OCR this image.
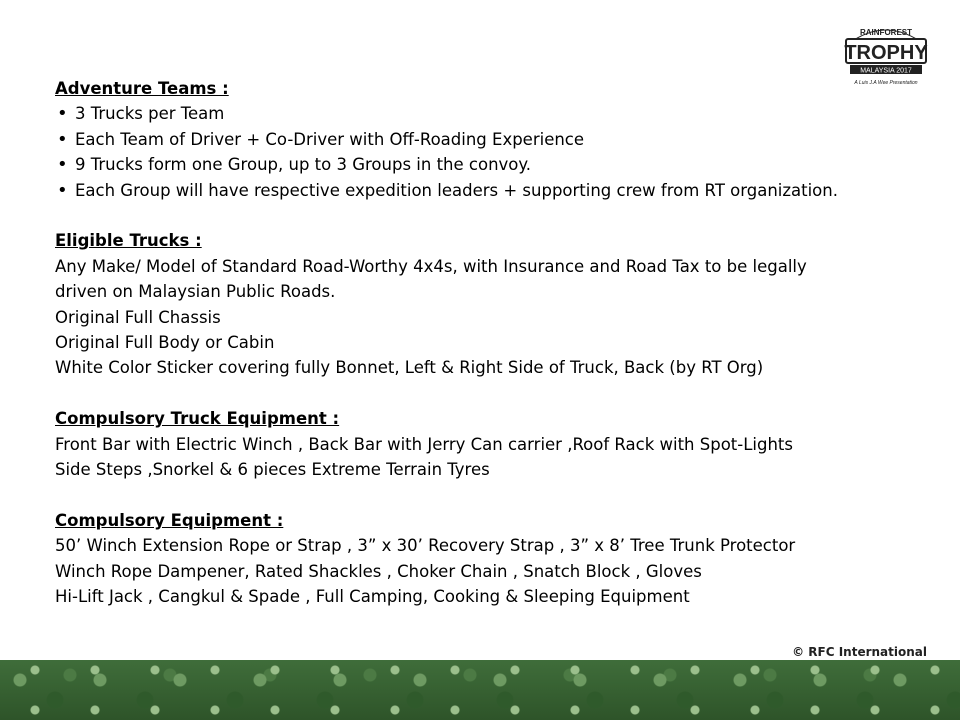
RAINFOREST
TROPHY
MALAYSIA 2017
A Luis J.A Wee Presentation
Adventure Teams :
• 3 Trucks per Team
• Each Team of Driver + Co-Driver with Off-Roading Experience
• 9 Trucks form one Group, up to 3 Groups in the convoy.
• Each Group will have respective expedition leaders + supporting crew from RT organization.
Eligible Trucks :
Any Make/ Model of Standard Road-Worthy 4x4s, with Insurance and Road Tax to be legally
driven on Malaysian Public Roads.
Original Full Chassis
Original Full Body or Cabin
White Color Sticker covering fully Bonnet, Left & Right Side of Truck, Back (by RT Org)
Compulsory Truck Equipment :
Front Bar with Electric Winch , Back Bar with Jerry Can carrier ,Roof Rack with Spot-Lights
Side Steps ,Snorkel & 6 pieces Extreme Terrain Tyres
Compulsory Equipment :
50’ Winch Extension Rope or Strap , 3” x 30’ Recovery Strap , 3” x 8’ Tree Trunk Protector
Winch Rope Dampener, Rated Shackles , Choker Chain , Snatch Block , Gloves
Hi-Lift Jack , Cangkul & Spade , Full Camping, Cooking & Sleeping Equipment
© RFC International
